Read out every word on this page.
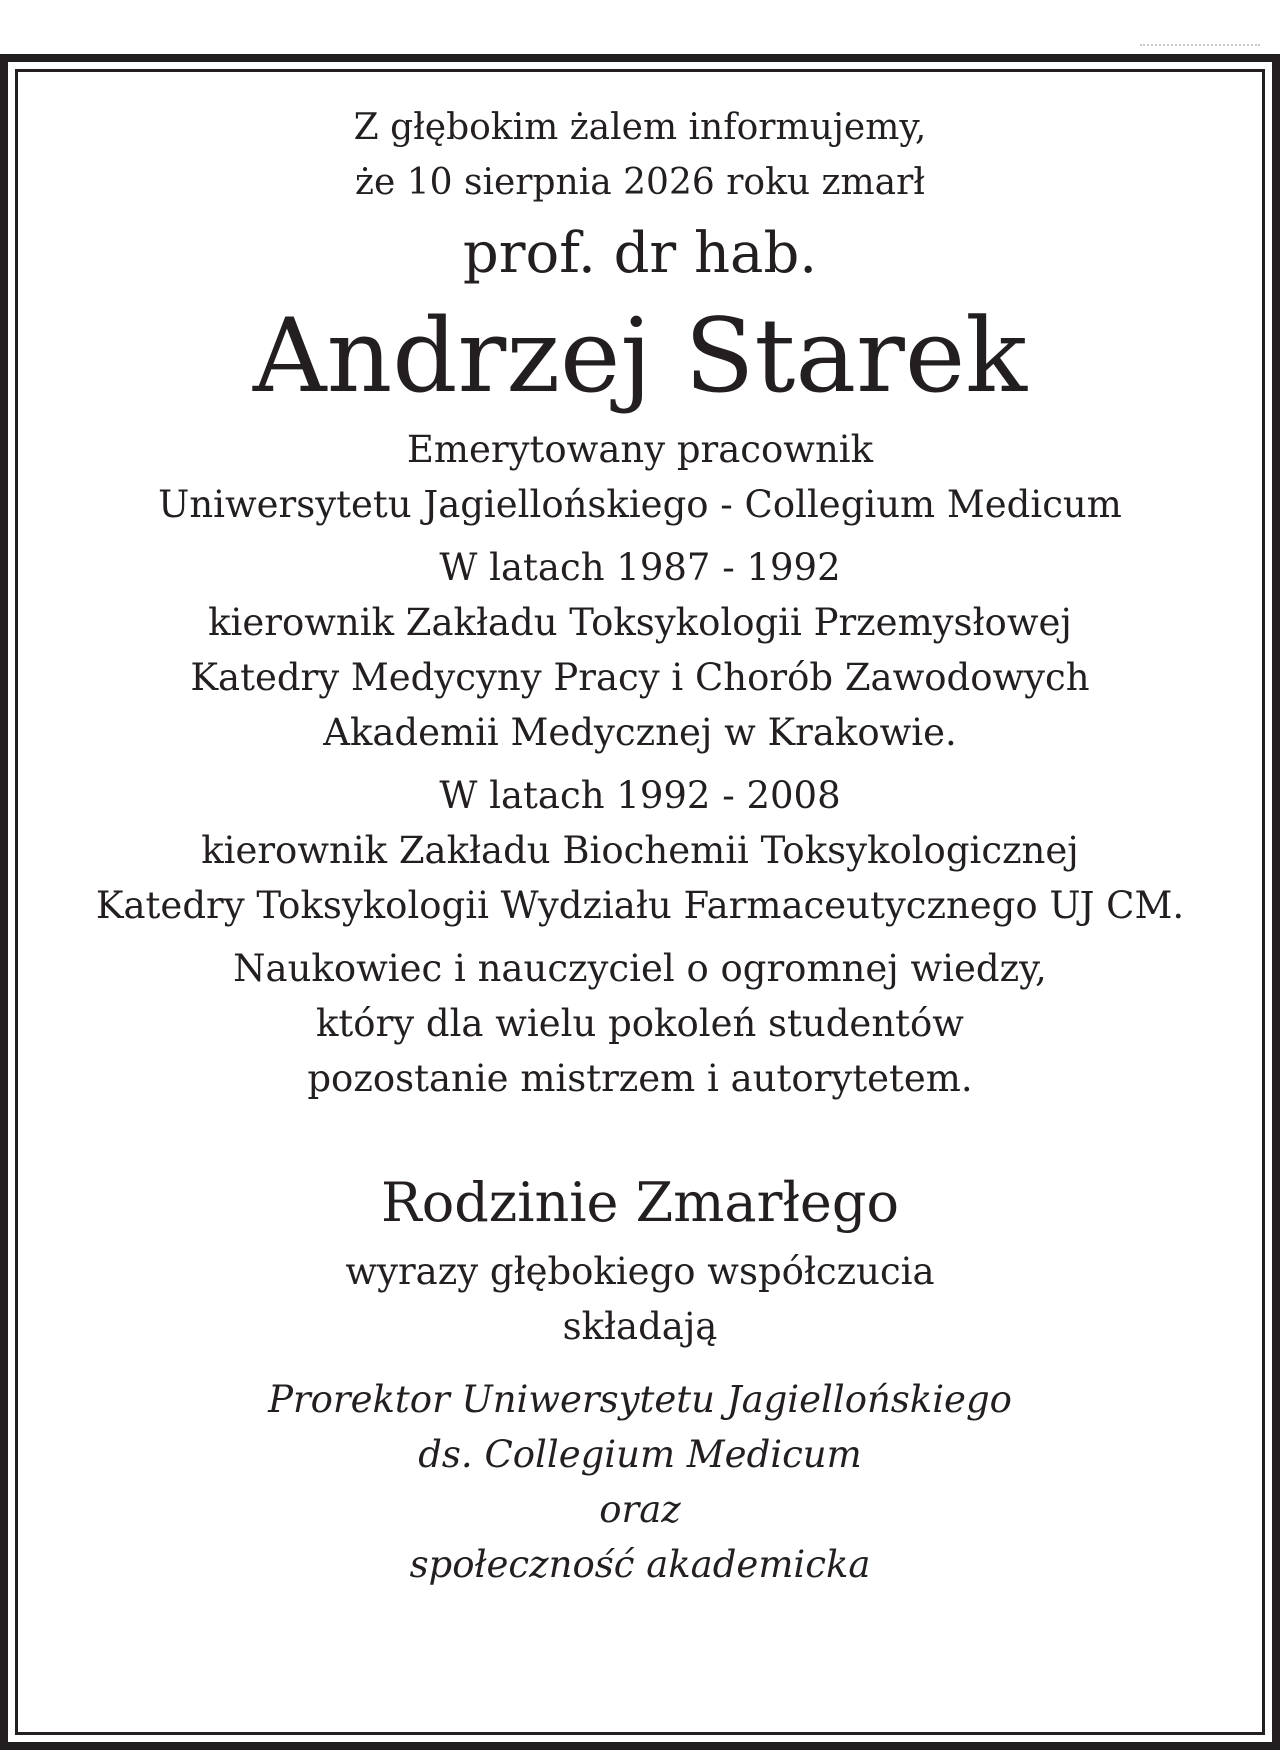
Z głębokim żalem informujemy,
że 10 sierpnia 2026 roku zmarł
prof. dr hab.
Andrzej Starek
Emerytowany pracownik
Uniwersytetu Jagiellońskiego - Collegium Medicum
W latach 1987 - 1992
kierownik Zakładu Toksykologii Przemysłowej
Katedry Medycyny Pracy i Chorób Zawodowych
Akademii Medycznej w Krakowie.
W latach 1992 - 2008
kierownik Zakładu Biochemii Toksykologicznej
Katedry Toksykologii Wydziału Farmaceutycznego UJ CM.
Naukowiec i nauczyciel o ogromnej wiedzy,
który dla wielu pokoleń studentów
pozostanie mistrzem i autorytetem.
Rodzinie Zmarłego
wyrazy głębokiego współczucia
składają
Prorektor Uniwersytetu Jagiellońskiego
ds. Collegium Medicum
oraz
społeczność akademicka
